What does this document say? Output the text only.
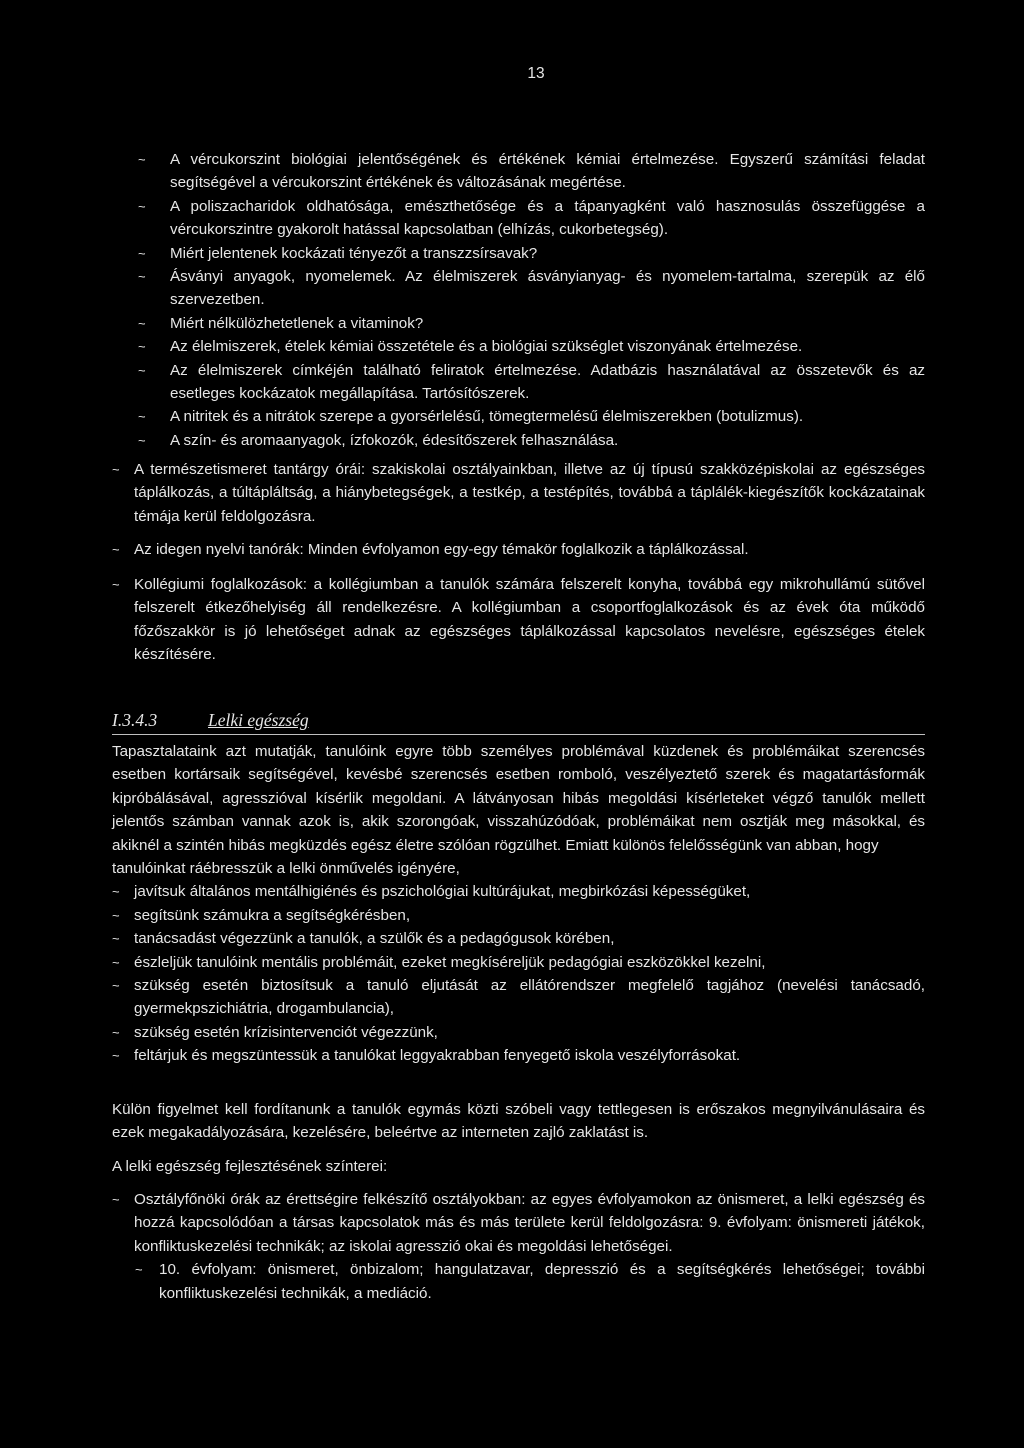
13
~ A vércukorszint biológiai jelentőségének és értékének kémiai értelmezése. Egyszerű számítási feladat segítségével a vércukorszint értékének és változásának megértése.
~ A poliszacharidok oldhatósága, emészthetősége és a tápanyagként való hasznosulás összefüggése a vércukorszintre gyakorolt hatással kapcsolatban (elhízás, cukorbetegség).
~ Miért jelentenek kockázati tényezőt a transzzsírsavak?
~ Ásványi anyagok, nyomelemek. Az élelmiszerek ásványianyag- és nyomelem-tartalma, szerepük az élő szervezetben.
~ Miért nélkülözhetetlenek a vitaminok?
~ Az élelmiszerek, ételek kémiai összetétele és a biológiai szükséglet viszonyának értelmezése.
~ Az élelmiszerek címkéjén található feliratok értelmezése. Adatbázis használatával az összetevők és az esetleges kockázatok megállapítása. Tartósítószerek.
~ A nitritek és a nitrátok szerepe a gyorsérlelésű, tömegtermelésű élelmiszerekben (botulizmus).
~ A szín- és aromaanyagok, ízfokozók, édesítőszerek felhasználása.
~ A természetismeret tantárgy órái: szakiskolai osztályainkban, illetve az új típusú szakközépiskolai az egészséges táplálkozás, a túltápláltság, a hiánybetegségek, a testkép, a testépítés, továbbá a táplálék-kiegészítők kockázatainak témája kerül feldolgozásra.
~ Az idegen nyelvi tanórák: Minden évfolyamon egy-egy témakör foglalkozik a táplálkozással.
~ Kollégiumi foglalkozások: a kollégiumban a tanulók számára felszerelt konyha, továbbá egy mikrohullámú sütővel felszerelt étkezőhelyiség áll rendelkezésre. A kollégiumban a csoportfoglalkozások és az évek óta működő főzőszakkör is jó lehetőséget adnak az egészséges táplálkozással kapcsolatos nevelésre, egészséges ételek készítésére.
I.3.4.3	Lelki egészség
Tapasztalataink azt mutatják, tanulóink egyre több személyes problémával küzdenek és problémáikat szerencsés esetben kortársaik segítségével, kevésbé szerencsés esetben romboló, veszélyeztető szerek és magatartásformák kipróbálásával, agresszióval kísérlik megoldani. A látványosan hibás megoldási kísérleteket végző tanulók mellett jelentős számban vannak azok is, akik szorongóak, visszahúzódóak, problémáikat nem osztják meg másokkal, és akiknél a szintén hibás megküzdés egész életre szólóan rögzülhet. Emiatt különös felelősségünk van abban, hogy
tanulóinkat ráébresszük a lelki önművelés igényére,
~ javítsuk általános mentálhigiénés és pszichológiai kultúrájukat, megbirkózási képességüket,
~ segítsünk számukra a segítségkérésben,
~ tanácsadást végezzünk a tanulók, a szülők és a pedagógusok körében,
~ észleljük tanulóink mentális problémáit, ezeket megkíséreljük pedagógiai eszközökkel kezelni,
~ szükség esetén biztosítsuk a tanuló eljutását az ellátórendszer megfelelő tagjához (nevelési tanácsadó, gyermekpszichiátria, drogambulancia),
~ szükség esetén krízisintervenciót végezzünk,
~ feltárjuk és megszüntessük a tanulókat leggyakrabban fenyegető iskola veszélyforrásokat.
Külön figyelmet kell fordítanunk a tanulók egymás közti szóbeli vagy tettlegesen is erőszakos megnyilvánulásaira és ezek megakadályozására, kezelésére, beleértve az interneten zajló zaklatást is.
A lelki egészség fejlesztésének színterei:
~ Osztályfőnöki órák az érettségire felkészítő osztályokban: az egyes évfolyamokon az önismeret, a lelki egészség és hozzá kapcsolódóan a társas kapcsolatok más és más területe kerül feldolgozásra: 9. évfolyam: önismereti játékok, konfliktuskezelési technikák; az iskolai agresszió okai és megoldási lehetőségei.
~ 10. évfolyam: önismeret, önbizalom; hangulatzavar, depresszió és a segítségkérés lehetőségei; további konfliktuskezelési technikák, a mediáció.
